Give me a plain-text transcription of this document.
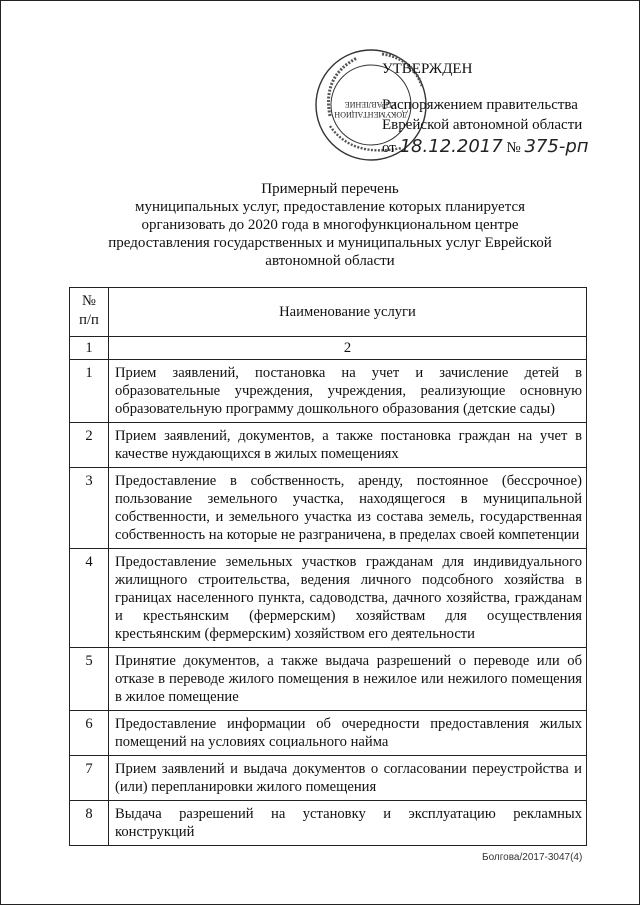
УПРАВЛЕНИЕ
ДОКУМЕНТАЦИОН
УТВЕРЖДЕН
Распоряжением правительства
Еврейской автономной области
от 18.12.2017 № 375-рп
Примерный перечень
муниципальных услуг, предоставление которых планируется
организовать до 2020 года в многофункциональном центре
предоставления государственных и муниципальных услуг Еврейской
автономной области
№
п/п	Наименование услуги
1	2
1	Прием заявлений, постановка на учет и зачисление детей в образовательные учреждения, учреждения, реализующие основную образовательную программу дошкольного образования (детские сады)
2	Прием заявлений, документов, а также постановка граждан на учет в качестве нуждающихся в жилых помещениях
3	Предоставление в собственность, аренду, постоянное (бессрочное) пользование земельного участка, находящегося в муниципальной собственности, и земельного участка из состава земель, государственная собственность на которые не разграничена, в пределах своей компетенции
4	Предоставление земельных участков гражданам для индивидуального жилищного строительства, ведения личного подсобного хозяйства в границах населенного пункта, садоводства, дачного хозяйства, гражданам и крестьянским (фермерским) хозяйствам для осуществления крестьянским (фермерским) хозяйством его деятельности
5	Принятие документов, а также выдача разрешений о переводе или об отказе в переводе жилого помещения в нежилое или нежилого помещения в жилое помещение
6	Предоставление информации об очередности предоставления жилых помещений на условиях социального найма
7	Прием заявлений и выдача документов о согласовании переустройства и (или) перепланировки жилого помещения
8	Выдача разрешений на установку и эксплуатацию рекламных конструкций
Болгова/2017-3047(4)
